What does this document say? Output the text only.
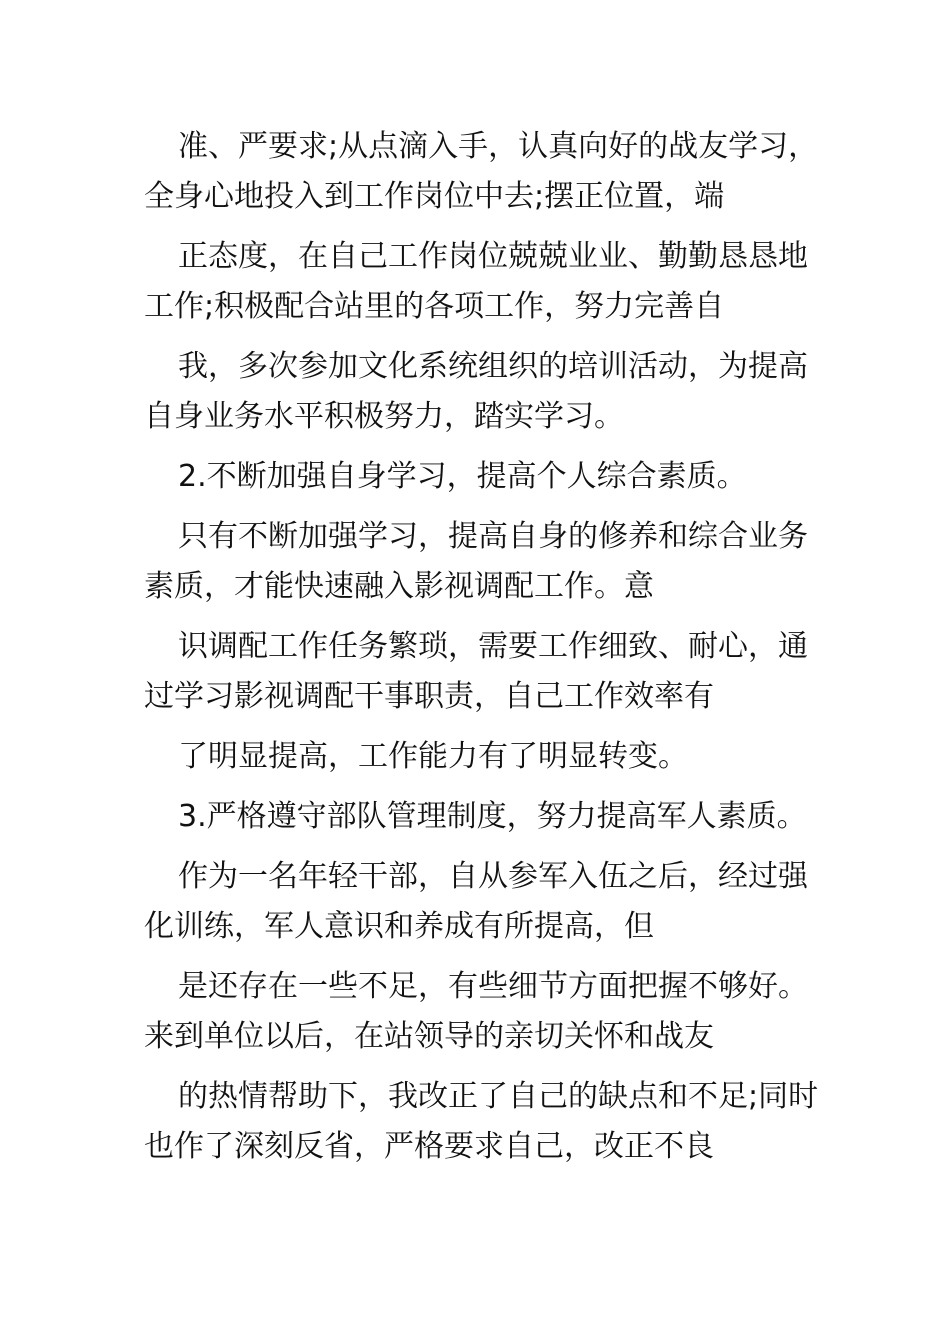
准、严要求;从点滴入手，认真向好的战友学习，
全身心地投入到工作岗位中去;摆正位置，端

正态度，在自己工作岗位兢兢业业、勤勤恳恳地
工作;积极配合站里的各项工作，努力完善自

我，多次参加文化系统组织的培训活动，为提高
自身业务水平积极努力，踏实学习。

2.不断加强自身学习，提高个人综合素质。

只有不断加强学习，提高自身的修养和综合业务
素质，才能快速融入影视调配工作。意

识调配工作任务繁琐，需要工作细致、耐心，通
过学习影视调配干事职责，自己工作效率有

了明显提高，工作能力有了明显转变。

3.严格遵守部队管理制度，努力提高军人素质。

作为一名年轻干部，自从参军入伍之后，经过强
化训练，军人意识和养成有所提高，但

是还存在一些不足，有些细节方面把握不够好。
来到单位以后，在站领导的亲切关怀和战友

的热情帮助下，我改正了自己的缺点和不足;同时
也作了深刻反省，严格要求自己，改正不良
